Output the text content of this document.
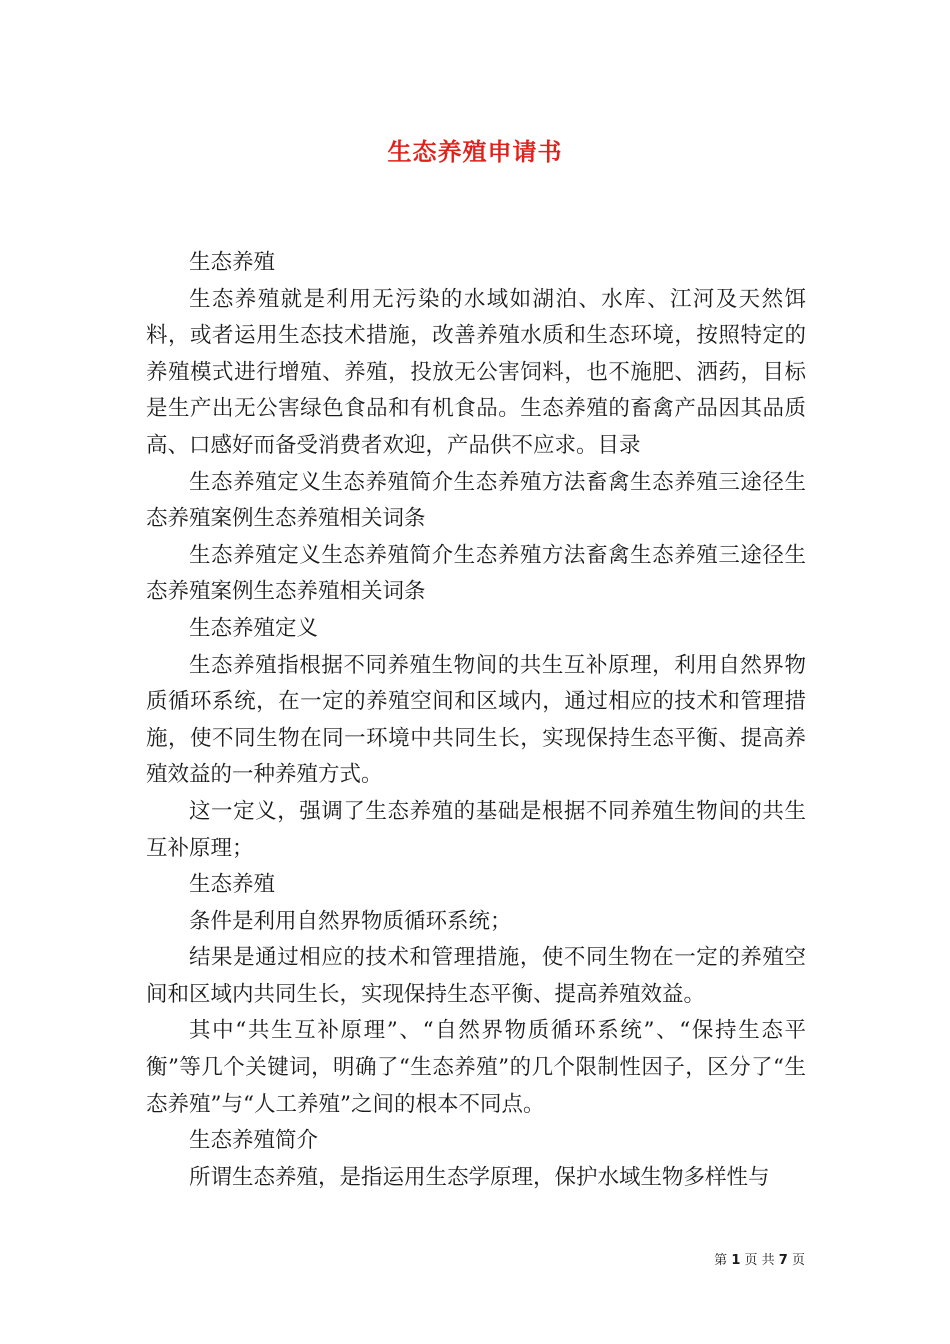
生态养殖申请书

生态养殖

生态养殖就是利用无污染的水域如湖泊、水库、江河及天然饵料，或者运用生态技术措施，改善养殖水质和生态环境，按照特定的养殖模式进行增殖、养殖，投放无公害饲料，也不施肥、洒药，目标是生产出无公害绿色食品和有机食品。生态养殖的畜禽产品因其品质高、口感好而备受消费者欢迎，产品供不应求。目录

生态养殖定义生态养殖简介生态养殖方法畜禽生态养殖三途径生态养殖案例生态养殖相关词条

生态养殖定义生态养殖简介生态养殖方法畜禽生态养殖三途径生态养殖案例生态养殖相关词条

生态养殖定义

生态养殖指根据不同养殖生物间的共生互补原理，利用自然界物质循环系统，在一定的养殖空间和区域内，通过相应的技术和管理措施，使不同生物在同一环境中共同生长，实现保持生态平衡、提高养殖效益的一种养殖方式。

这一定义，强调了生态养殖的基础是根据不同养殖生物间的共生互补原理；

生态养殖

条件是利用自然界物质循环系统；

结果是通过相应的技术和管理措施，使不同生物在一定的养殖空间和区域内共同生长，实现保持生态平衡、提高养殖效益。

其中“共生互补原理”、“自然界物质循环系统”、“保持生态平衡”等几个关键词，明确了“生态养殖”的几个限制性因子，区分了“生态养殖”与“人工养殖”之间的根本不同点。

生态养殖简介

所谓生态养殖，是指运用生态学原理，保护水域生物多样性与

第 1 页 共 7 页
